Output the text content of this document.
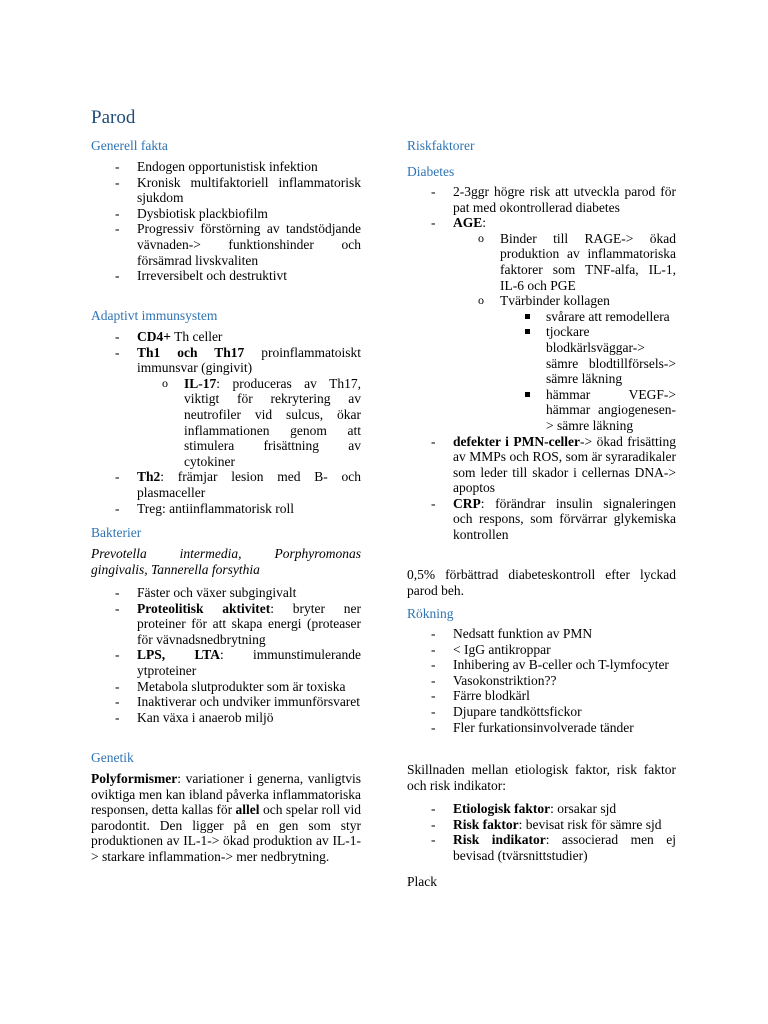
Parod
Generell fakta
- Endogen opportunistisk infektion
- Kronisk multifaktoriell inflammatorisk sjukdom
- Dysbiotisk plackbiofilm
- Progressiv förstörning av tandstödjande vävnaden-> funktionshinder och försämrad livskvaliten
- Irreversibelt och destruktivt
Adaptivt immunsystem
- CD4+ Th celler
- Th1 och Th17 proinflammatoiskt immunsvar (gingivit)
o IL-17: produceras av Th17, viktigt för rekrytering av neutrofiler vid sulcus, ökar inflammationen genom att stimulera frisättning av cytokiner
- Th2: främjar lesion med B- och plasmaceller
- Treg: antiinflammatorisk roll
Bakterier

Prevotella intermedia, Porphyromonas gingivalis, Tannerella forsythia

- Fäster och växer subgingivalt
- Proteolitisk aktivitet: bryter ner proteiner för att skapa energi (proteaser för vävnadsnedbrytning
- LPS, LTA: immunstimulerande ytproteiner
- Metabola slutprodukter som är toxiska
- Inaktiverar och undviker immunförsvaret
- Kan växa i anaerob miljö
Genetik

Polyformismer: variationer i generna, vanligtvis oviktiga men kan ibland påverka inflammatoriska responsen, detta kallas för allel och spelar roll vid parodontit. Den ligger på en gen som styr produktionen av IL-1-> ökad produktion av IL-1-> starkare inflammation-> mer nedbrytning.

Riskfaktorer
Diabetes
- 2-3ggr högre risk att utveckla parod för pat med okontrollerad diabetes
- AGE:
o Binder till RAGE-> ökad produktion av inflammatoriska faktorer som TNF-alfa, IL-1, IL-6 och PGE
o Tvärbinder kollagen
svårare att remodellera
tjockare blodkärlsväggar-> sämre blodtillförsels-> sämre läkning
hämmar VEGF-> hämmar angiogenesen-> sämre läkning
- defekter i PMN-celler-> ökad frisätting av MMPs och ROS, som är syraradikaler som leder till skador i cellernas DNA-> apoptos
- CRP: förändrar insulin signaleringen och respons, som förvärrar glykemiska kontrollen

0,5% förbättrad diabeteskontroll efter lyckad parod beh.

Rökning
- Nedsatt funktion av PMN
- < IgG antikroppar
- Inhibering av B-celler och T-lymfocyter
- Vasokonstriktion??
- Färre blodkärl
- Djupare tandköttsfickor
- Fler furkationsinvolverade tänder

Skillnaden mellan etiologisk faktor, risk faktor och risk indikator:

- Etiologisk faktor: orsakar sjd
- Risk faktor: bevisat risk för sämre sjd
- Risk indikator: associerad men ej bevisad (tvärsnittstudier)

Plack
